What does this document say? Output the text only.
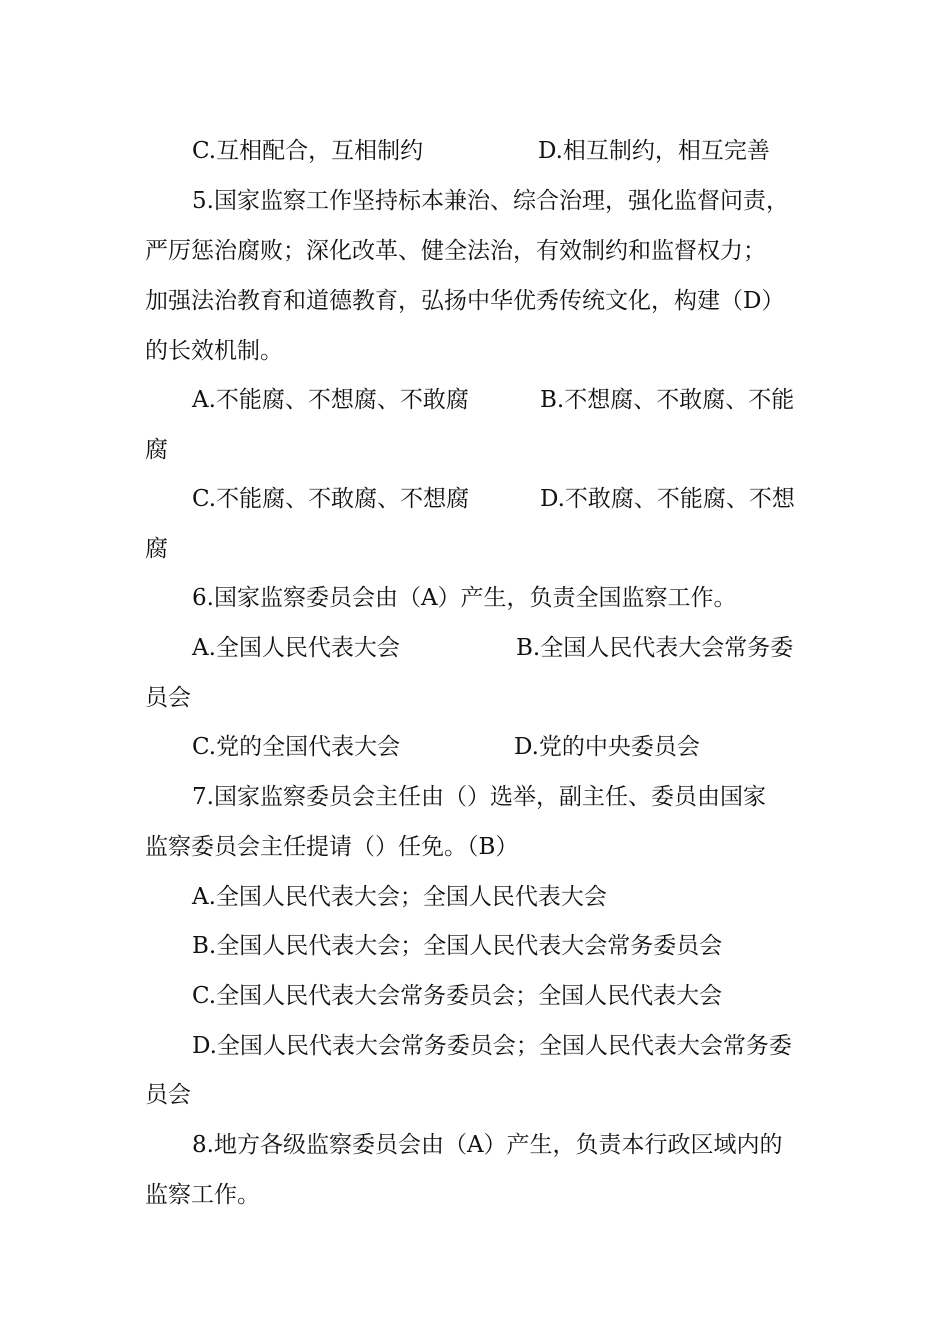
C.互相配合，互相制约	D.相互制约，相互完善
5.国家监察工作坚持标本兼治、综合治理，强化监督问责，
严厉惩治腐败；深化改革、健全法治，有效制约和监督权力；
加强法治教育和道德教育，弘扬中华优秀传统文化，构建（D）
的长效机制。
A.不能腐、不想腐、不敢腐	B.不想腐、不敢腐、不能
腐
C.不能腐、不敢腐、不想腐	D.不敢腐、不能腐、不想
腐
6.国家监察委员会由（A）产生，负责全国监察工作。
A.全国人民代表大会	B.全国人民代表大会常务委
员会
C.党的全国代表大会	D.党的中央委员会
7.国家监察委员会主任由（）选举，副主任、委员由国家
监察委员会主任提请（）任免。（B）
A.全国人民代表大会；全国人民代表大会
B.全国人民代表大会；全国人民代表大会常务委员会
C.全国人民代表大会常务委员会；全国人民代表大会
D.全国人民代表大会常务委员会；全国人民代表大会常务委
员会
8.地方各级监察委员会由（A）产生，负责本行政区域内的
监察工作。
